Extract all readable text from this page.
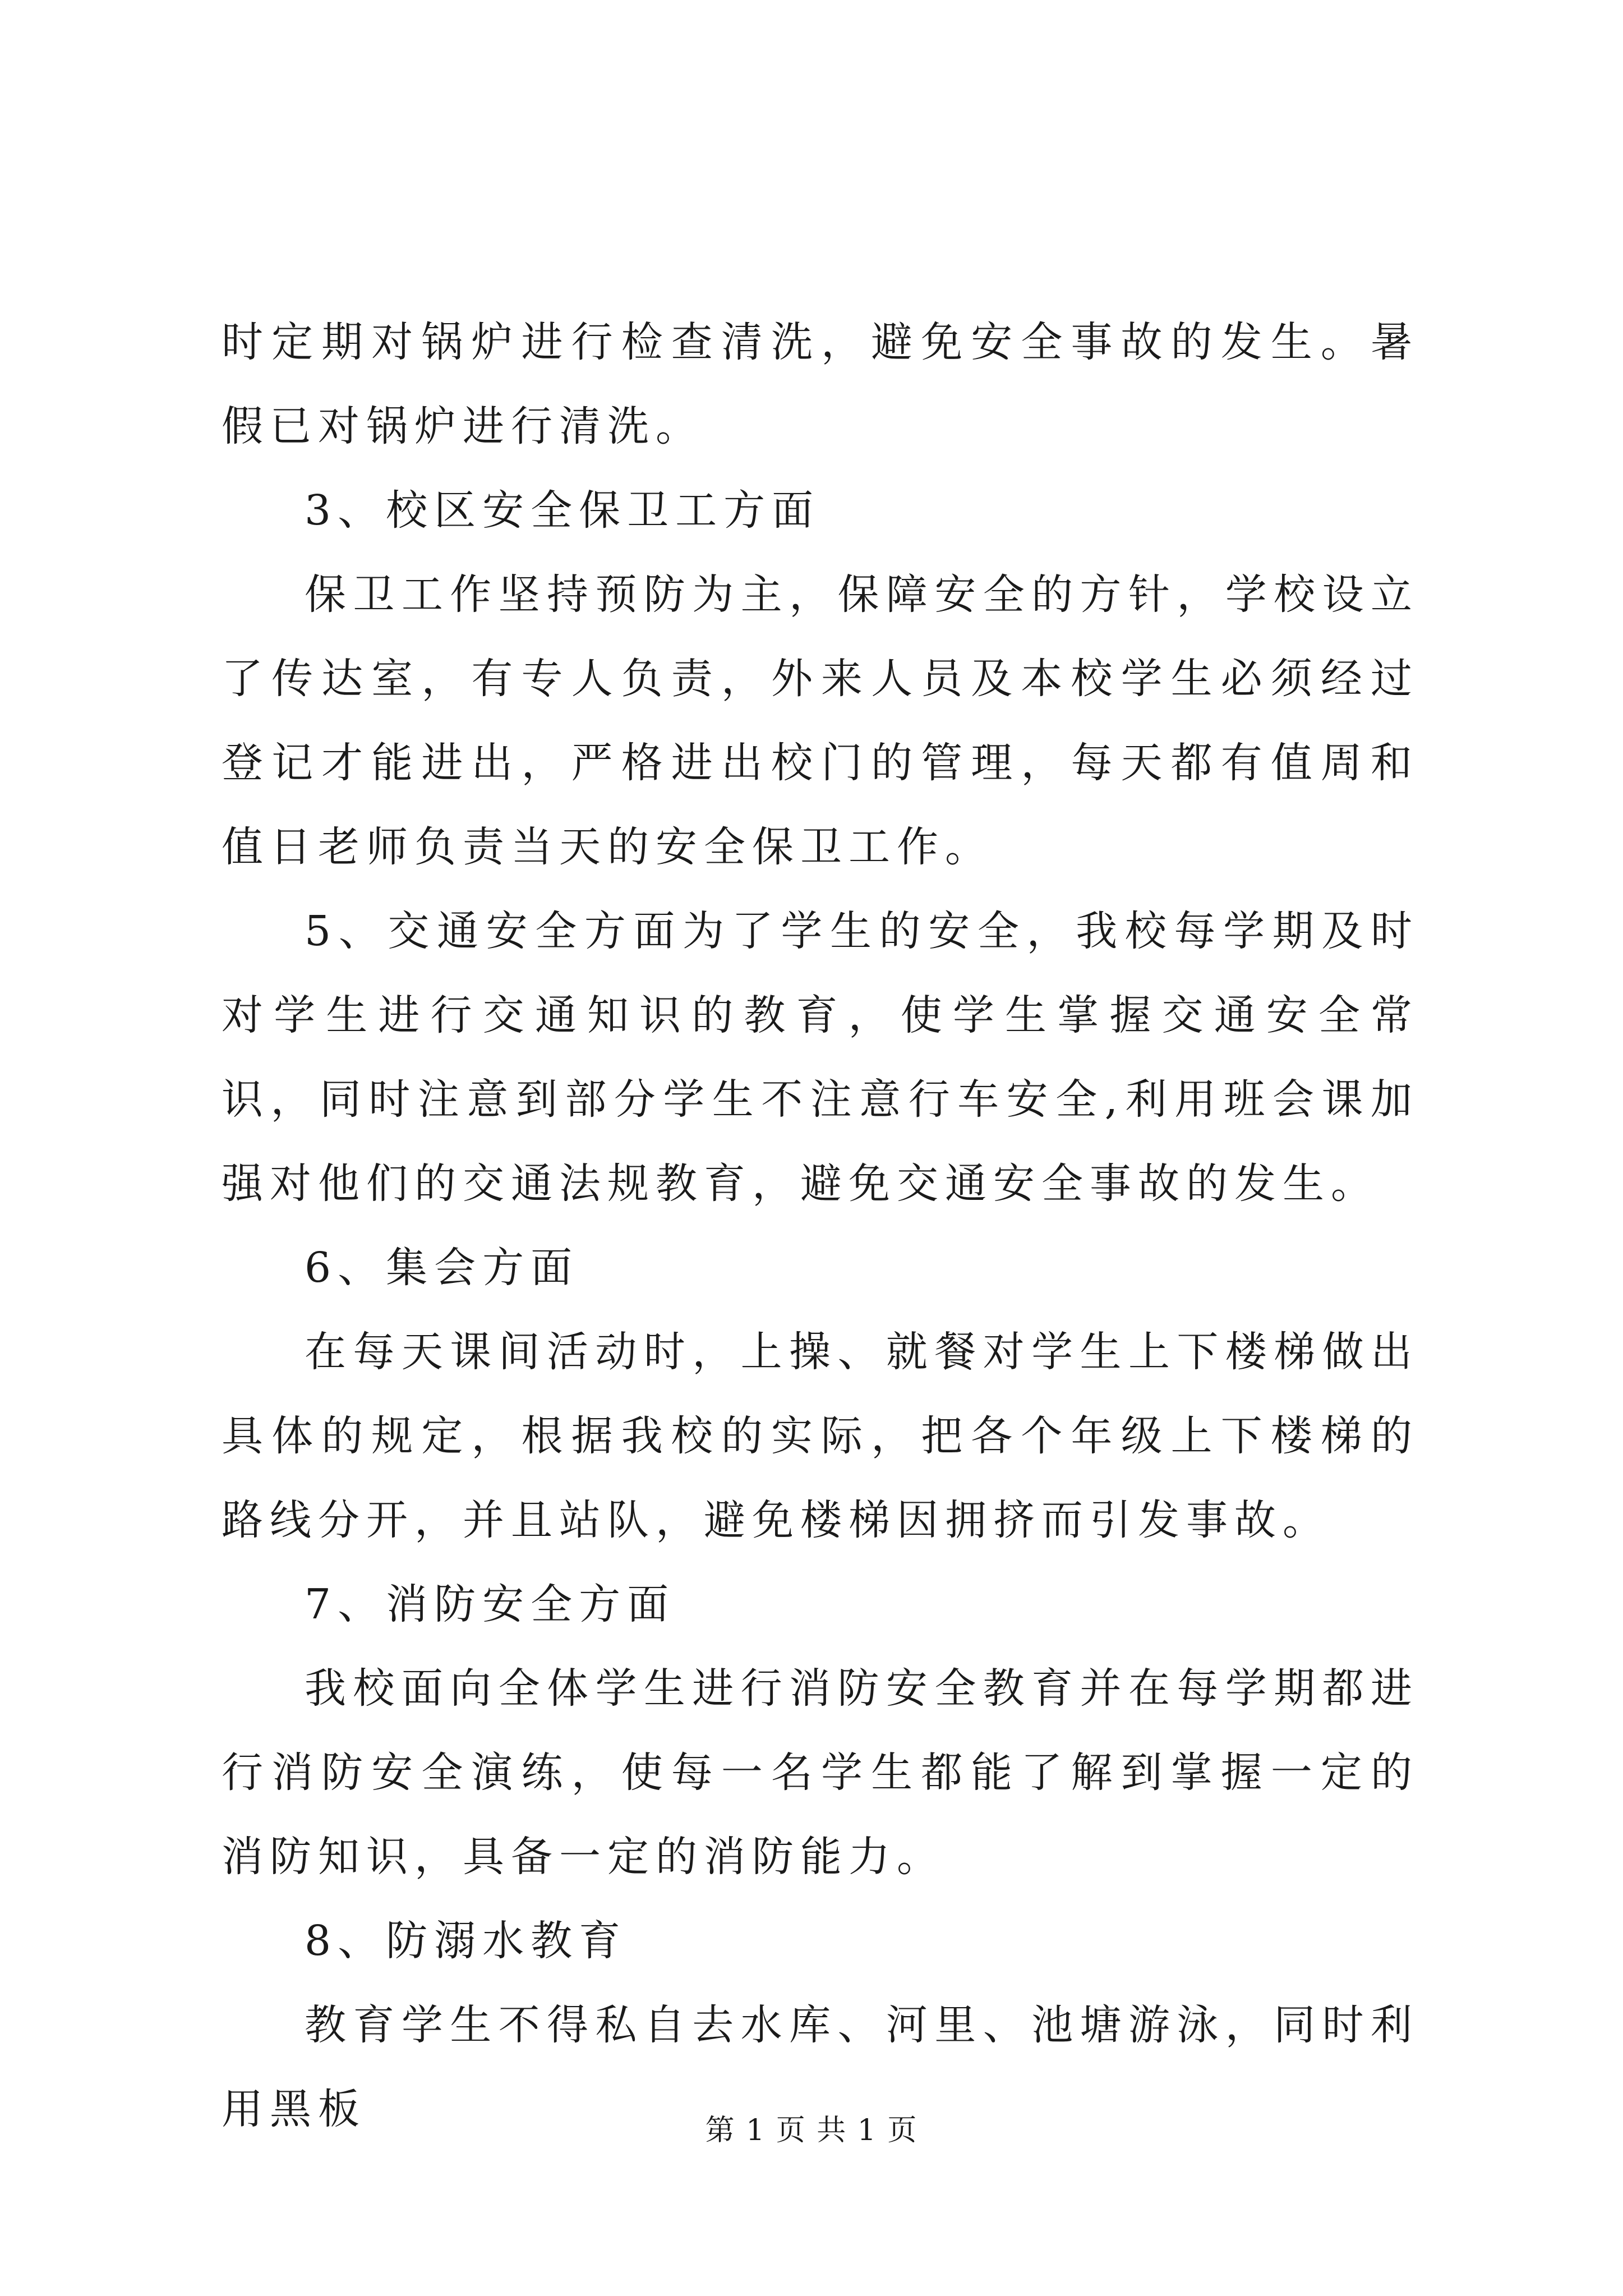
时定期对锅炉进行检查清洗，避免安全事故的发生。暑假已对锅炉进行清洗。

3、校区安全保卫工方面

保卫工作坚持预防为主，保障安全的方针，学校设立了传达室，有专人负责，外来人员及本校学生必须经过登记才能进出，严格进出校门的管理，每天都有值周和值日老师负责当天的安全保卫工作。

5、交通安全方面为了学生的安全，我校每学期及时对学生进行交通知识的教育，使学生掌握交通安全常识，同时注意到部分学生不注意行车安全,利用班会课加强对他们的交通法规教育，避免交通安全事故的发生。

6、集会方面

在每天课间活动时，上操、就餐对学生上下楼梯做出具体的规定，根据我校的实际，把各个年级上下楼梯的路线分开，并且站队，避免楼梯因拥挤而引发事故。

7、消防安全方面

我校面向全体学生进行消防安全教育并在每学期都进行消防安全演练，使每一名学生都能了解到掌握一定的消防知识，具备一定的消防能力。

8、防溺水教育

教育学生不得私自去水库、河里、池塘游泳，同时利用黑板	第 1 页 共 1 页
